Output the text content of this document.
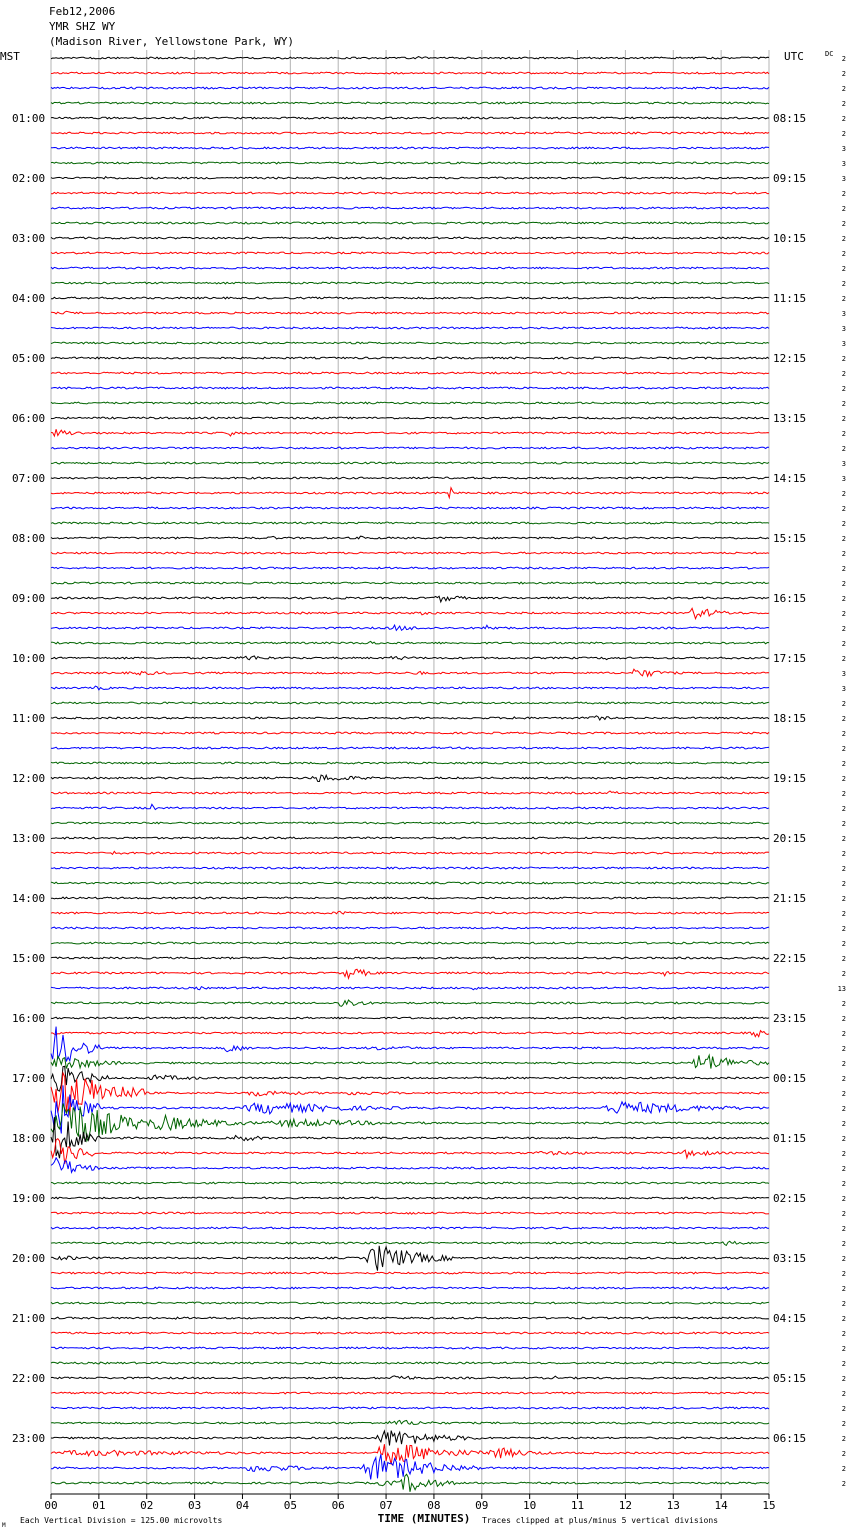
Feb12,2006
YMR SHZ WY
(Madison River, Yellowstone Park, WY)
00	01	02	03	04	05	06	07	08	09	10	11	12	13	14	15
MST	UTC	DC
01:00	08:15
02:00	09:15
03:00	10:15
04:00	11:15
05:00	12:15
06:00	13:15
07:00	14:15
08:00	15:15
09:00	16:15
10:00	17:15
11:00	18:15
12:00	19:15
13:00	20:15
14:00	21:15
15:00	22:15
16:00	23:15
17:00	00:15
18:00	01:15
19:00	02:15
20:00	03:15
21:00	04:15
22:00	05:15
23:00	06:15
2
2
2
2
2
2
3
3
3
2
2
2
2
2
2
2
2
3
3
3
2
2
2
2
2
2
2
3
3
2
2
2
2
2
2
2
2
2
2
2
2
3
3
2
2
2
2
2
2
2
2
2
2
2
2
2
2
2
2
2
2
2
13
2
2
2
2
2
2
2
2
2
2
2
2
2
2
2
2
2
2
2
2
2
2
2
2
2
2
2
2
2
2
2
2
2
TIME (MINUTES)
Each Vertical Division = 125.00 microvolts	Traces clipped at plus/minus 5 vertical divisions
M
